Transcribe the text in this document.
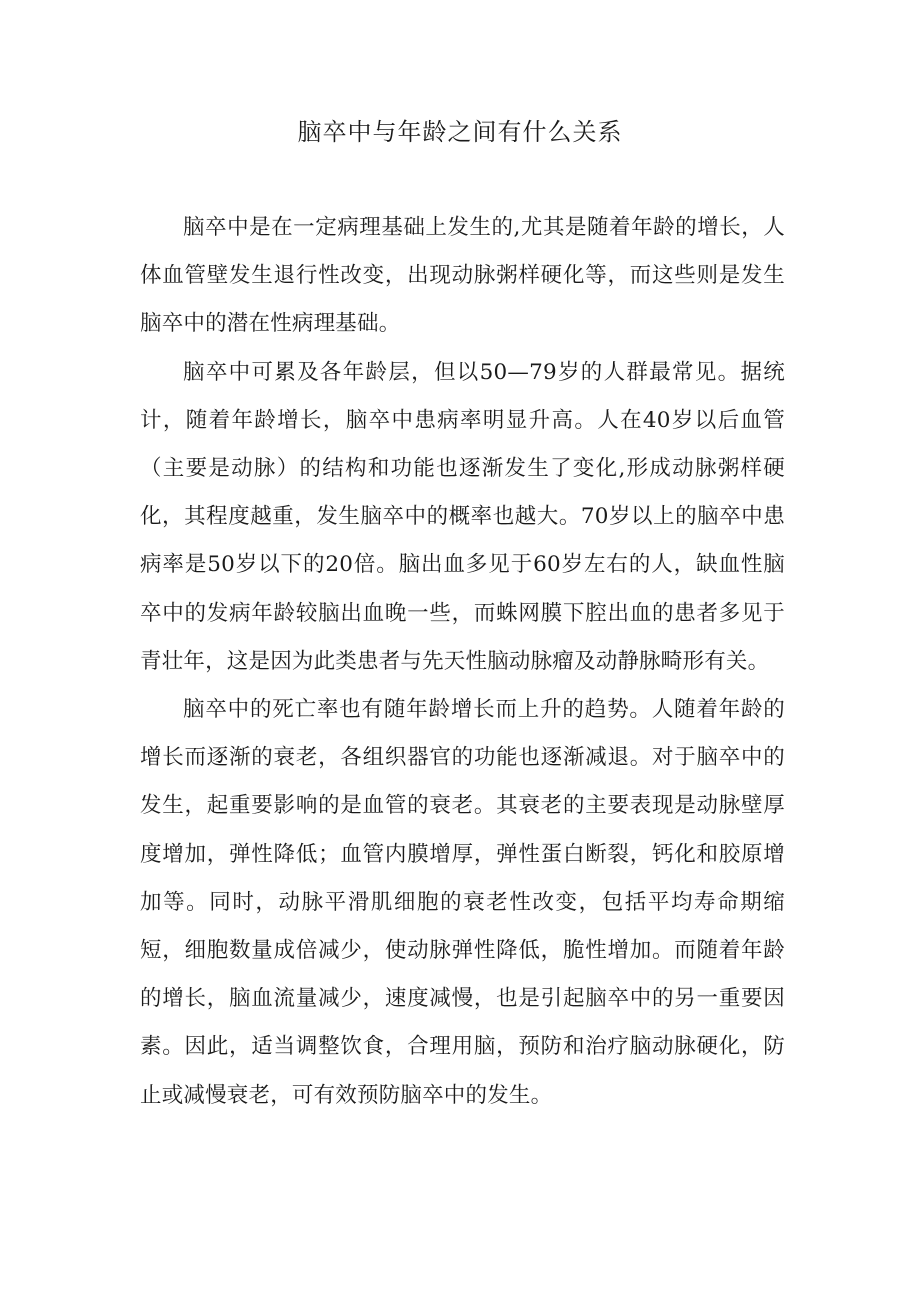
脑卒中与年龄之间有什么关系

脑卒中是在一定病理基础上发生的,尤其是随着年龄的增长，人体血管壁发生退行性改变，出现动脉粥样硬化等，而这些则是发生脑卒中的潜在性病理基础。

脑卒中可累及各年龄层，但以50—79岁的人群最常见。据统计，随着年龄增长，脑卒中患病率明显升高。人在40岁以后血管（主要是动脉）的结构和功能也逐渐发生了变化,形成动脉粥样硬化，其程度越重，发生脑卒中的概率也越大。70岁以上的脑卒中患病率是50岁以下的20倍。脑出血多见于60岁左右的人，缺血性脑卒中的发病年龄较脑出血晚一些，而蛛网膜下腔出血的患者多见于青壮年，这是因为此类患者与先天性脑动脉瘤及动静脉畸形有关。

脑卒中的死亡率也有随年龄增长而上升的趋势。人随着年龄的增长而逐渐的衰老，各组织器官的功能也逐渐减退。对于脑卒中的发生，起重要影响的是血管的衰老。其衰老的主要表现是动脉壁厚度增加，弹性降低；血管内膜增厚，弹性蛋白断裂，钙化和胶原增加等。同时，动脉平滑肌细胞的衰老性改变，包括平均寿命期缩短，细胞数量成倍减少，使动脉弹性降低，脆性增加。而随着年龄的增长，脑血流量减少，速度减慢，也是引起脑卒中的另一重要因素。因此，适当调整饮食，合理用脑，预防和治疗脑动脉硬化，防止或减慢衰老，可有效预防脑卒中的发生。
